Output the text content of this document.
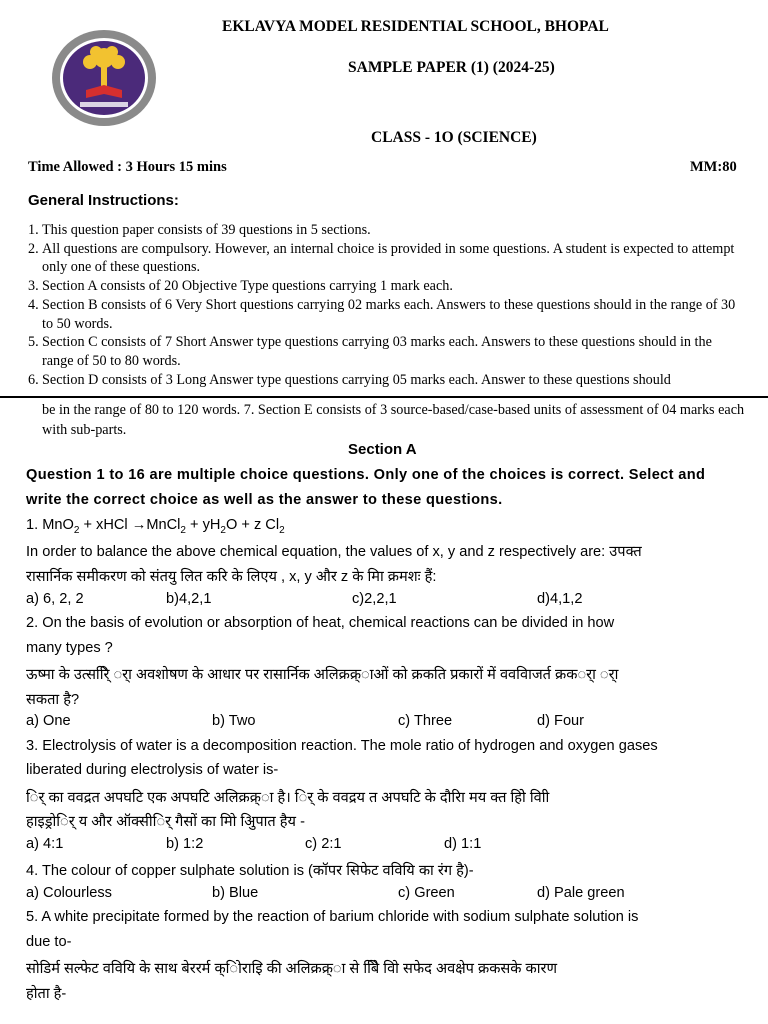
EKLAVYA MODEL RESIDENTIAL SCHOOL, BHOPAL
SAMPLE PAPER (1) (2024-25)
CLASS - 1O (SCIENCE)
Time Allowed : 3 Hours 15 mins	MM:80
General Instructions:
1. This question paper consists of 39 questions in 5 sections.
2. All questions are compulsory. However, an internal choice is provided in some questions. A student is expected to attempt only one of these questions.
3. Section A consists of 20 Objective Type questions carrying 1 mark each.
4. Section B consists of 6 Very Short questions carrying 02 marks each. Answers to these questions should in the range of 30 to 50 words.
5. Section C consists of 7 Short Answer type questions carrying 03 marks each. Answers to these questions should in the range of 50 to 80 words.
6. Section D consists of 3 Long Answer type questions carrying 05 marks each. Answer to these questions should
be in the range of 80 to 120 words. 7. Section E consists of 3 source-based/case-based units of assessment of 04 marks each with sub-parts.
Section A
Question 1 to 16 are multiple choice questions. Only one of the choices is correct. Select and
write the correct choice as well as the answer to these questions.
1. MnO$_2$ + xHCl →MnCl$_2$ + $yH_2O + z$ $Cl_2$
In order to balance the above chemical equation, the values of x, y and z respectively are: उपक्त
रासार्निक समीकरण को संतयु लित करि के लिएय , x, y और z के माि क्रमशः हैं:
a) 6, 2, 2	b)4,2,1	c)2,2,1	d)4,1,2
2. On the basis of evolution or absorption of heat, chemical reactions can be divided in how
many types ?
ऊष्मा के उत्सरि्ि र्ा अवशोषण के आधार पर रासार्निक अलिक्रक्र्ाओं को क्रकति प्रकारों में ववविाजर्त क्रकर्ा र्ा
सकता है?
a) One	b) Two	c) Three	d) Four
3. Electrolysis of water is a decomposition reaction. The mole ratio of hydrogen and oxygen gases
liberated during electrolysis of water is-
र्ि का ववद्रत अपघटि एक अपघटि अलिक्रक्र्ा है। र्ि के ववद्रय त अपघटि के दौराि मय क्त होिे वािी
हाइड्रोर्ि य और ऑक्सीर्ि गैसों का मोि अिुपात हैय -
a) 4:1	b) 1:2	c) 2:1	d) 1:1
4. The colour of copper sulphate solution is (कॉपर सिफेट ववियि का रंग है)-
a) Colourless	b) Blue	c) Green	d) Pale green
5. A white precipitate formed by the reaction of barium chloride with sodium sulphate solution is
due to-
सोडिर्म सल्फेट ववियि के साथ बेररर्म क्िोराइि की अलिक्रक्र्ा से बििे वािे सफेद अवक्षेप क्रकसके कारण
होता है-
